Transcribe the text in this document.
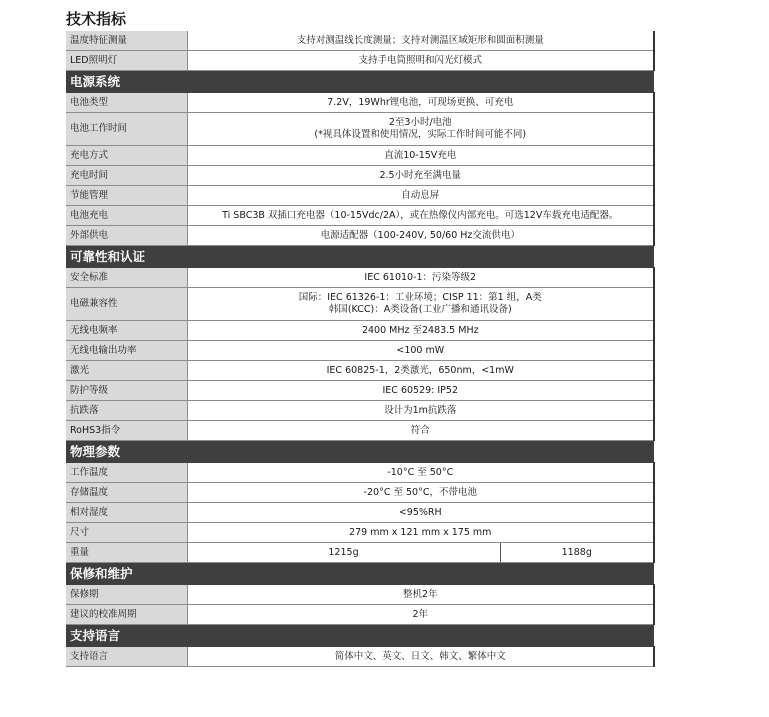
技术指标
温度特征测量	支持对测温线长度测量；支持对测温区域矩形和圆面积测量	
LED照明灯	支持手电筒照明和闪光灯模式	
电源系统		
电池类型	7.2V，19Whr锂电池，可现场更换、可充电	
电池工作时间	2至3小时/电池
(*视具体设置和使用情况，实际工作时间可能不同)	

充电方式	直流10-15V充电	
充电时间	2.5小时充至满电量	
节能管理	自动息屏	
电池充电	Ti SBC3B 双插口充电器（10-15Vdc/2A），或在热像仪内部充电。可选12V车载充电适配器。	
外部供电	电源适配器（100-240V, 50/60 Hz交流供电）	
可靠性和认证		
安全标准	IEC 61010-1：污染等级2	
电磁兼容性	国际：IEC 61326-1：工业环境；CISP 11：第1 组，A类
韩国(KCC)：A类设备(工业广播和通讯设备)	

无线电频率	2400 MHz 至2483.5 MHz	
无线电输出功率	<100 mW	
激光	IEC 60825-1，2类激光，650nm，<1mW	
防护等级	IEC 60529: IP52	
抗跌落	设计为1m抗跌落	
RoHS3指令	符合	
物理参数		
工作温度	-10°C 至 50°C	
存储温度	-20°C 至 50°C，不带电池	
相对湿度	<95%RH	
尺寸	279 mm x 121 mm x 175 mm	
重量	1215g	1188g
保修和维护		
保修期	整机2年	
建议的校准周期	2年	
支持语言		
支持语言	简体中文、英文、日文、韩文、繁体中文	
